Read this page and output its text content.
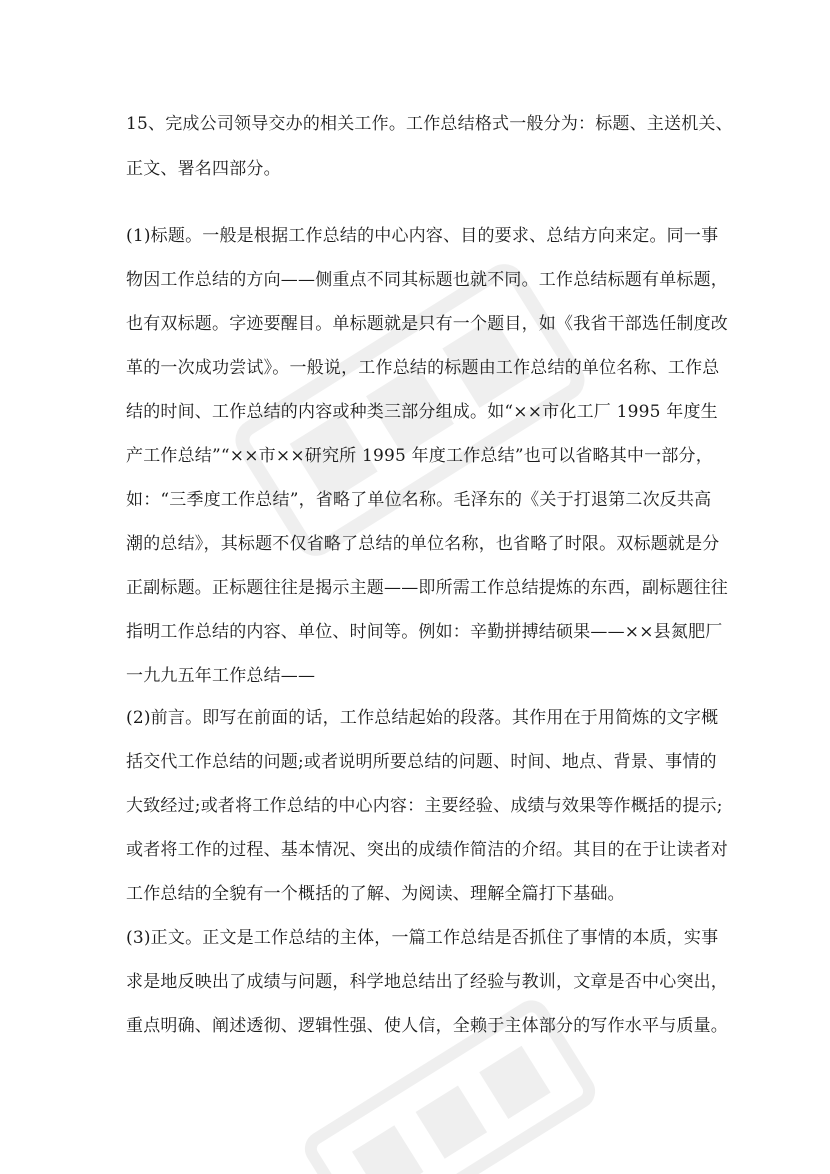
15、完成公司领导交办的相关工作。工作总结格式一般分为：标题、主送机关、
正文、署名四部分。
(1)标题。一般是根据工作总结的中心内容、目的要求、总结方向来定。同一事
物因工作总结的方向——侧重点不同其标题也就不同。工作总结标题有单标题，
也有双标题。字迹要醒目。单标题就是只有一个题目，如《我省干部选任制度改
革的一次成功尝试》。一般说，工作总结的标题由工作总结的单位名称、工作总
结的时间、工作总结的内容或种类三部分组成。如“××市化工厂 1995 年度生
产工作总结”“××市××研究所 1995 年度工作总结”也可以省略其中一部分，
如：“三季度工作总结”，省略了单位名称。毛泽东的《关于打退第二次反共高
潮的总结》，其标题不仅省略了总结的单位名称，也省略了时限。双标题就是分
正副标题。正标题往往是揭示主题——即所需工作总结提炼的东西，副标题往往
指明工作总结的内容、单位、时间等。例如：辛勤拼搏结硕果——××县氮肥厂
一九九五年工作总结——
(2)前言。即写在前面的话，工作总结起始的段落。其作用在于用简炼的文字概
括交代工作总结的问题;或者说明所要总结的问题、时间、地点、背景、事情的
大致经过;或者将工作总结的中心内容：主要经验、成绩与效果等作概括的提示;
或者将工作的过程、基本情况、突出的成绩作简洁的介绍。其目的在于让读者对
工作总结的全貌有一个概括的了解、为阅读、理解全篇打下基础。
(3)正文。正文是工作总结的主体，一篇工作总结是否抓住了事情的本质，实事
求是地反映出了成绩与问题，科学地总结出了经验与教训，文章是否中心突出，
重点明确、阐述透彻、逻辑性强、使人信，全赖于主体部分的写作水平与质量。
